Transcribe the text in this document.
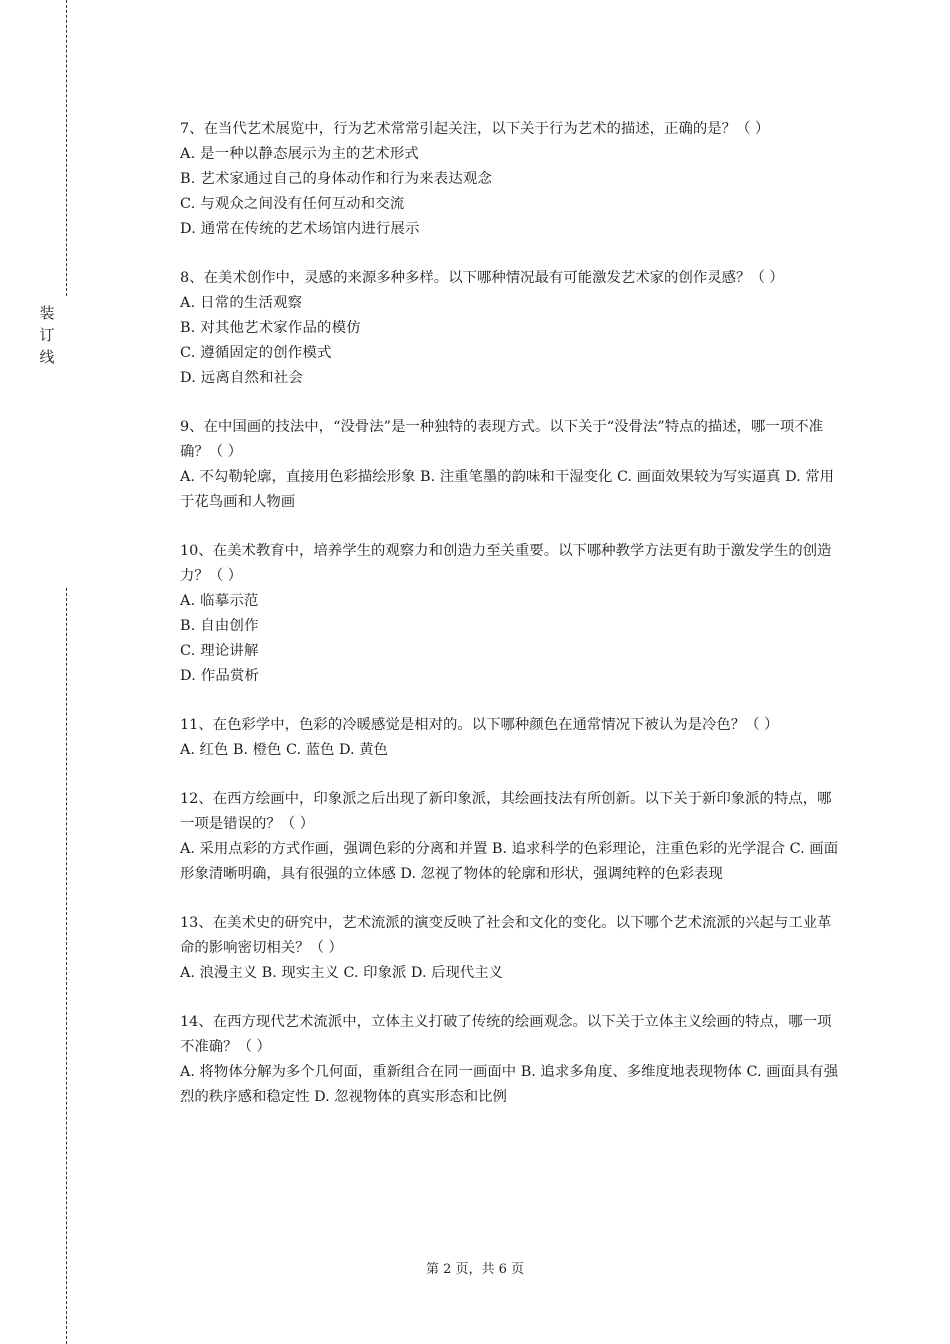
装
订
线

7、在当代艺术展览中，行为艺术常常引起关注，以下关于行为艺术的描述，正确的是？（ ）

A. 是一种以静态展示为主的艺术形式

B. 艺术家通过自己的身体动作和行为来表达观念

C. 与观众之间没有任何互动和交流

D. 通常在传统的艺术场馆内进行展示

8、在美术创作中，灵感的来源多种多样。以下哪种情况最有可能激发艺术家的创作灵感？（ ）

A. 日常的生活观察

B. 对其他艺术家作品的模仿

C. 遵循固定的创作模式

D. 远离自然和社会

9、在中国画的技法中，“没骨法”是一种独特的表现方式。以下关于“没骨法”特点的描述，哪一项不准确？（ ）

A. 不勾勒轮廓，直接用色彩描绘形象 B. 注重笔墨的韵味和干湿变化 C. 画面效果较为写实逼真 D. 常用于花鸟画和人物画

10、在美术教育中，培养学生的观察力和创造力至关重要。以下哪种教学方法更有助于激发学生的创造力？（ ）

A. 临摹示范

B. 自由创作

C. 理论讲解

D. 作品赏析

11、在色彩学中，色彩的冷暖感觉是相对的。以下哪种颜色在通常情况下被认为是冷色？（ ）

A. 红色 B. 橙色 C. 蓝色 D. 黄色

12、在西方绘画中，印象派之后出现了新印象派，其绘画技法有所创新。以下关于新印象派的特点，哪一项是错误的？（ ）

A. 采用点彩的方式作画，强调色彩的分离和并置 B. 追求科学的色彩理论，注重色彩的光学混合 C. 画面形象清晰明确，具有很强的立体感 D. 忽视了物体的轮廓和形状，强调纯粹的色彩表现

13、在美术史的研究中，艺术流派的演变反映了社会和文化的变化。以下哪个艺术流派的兴起与工业革命的影响密切相关？（ ）

A. 浪漫主义 B. 现实主义 C. 印象派 D. 后现代主义

14、在西方现代艺术流派中，立体主义打破了传统的绘画观念。以下关于立体主义绘画的特点，哪一项不准确？（ ）

A. 将物体分解为多个几何面，重新组合在同一画面中 B. 追求多角度、多维度地表现物体 C. 画面具有强烈的秩序感和稳定性 D. 忽视物体的真实形态和比例

第 2 页，共 6 页
